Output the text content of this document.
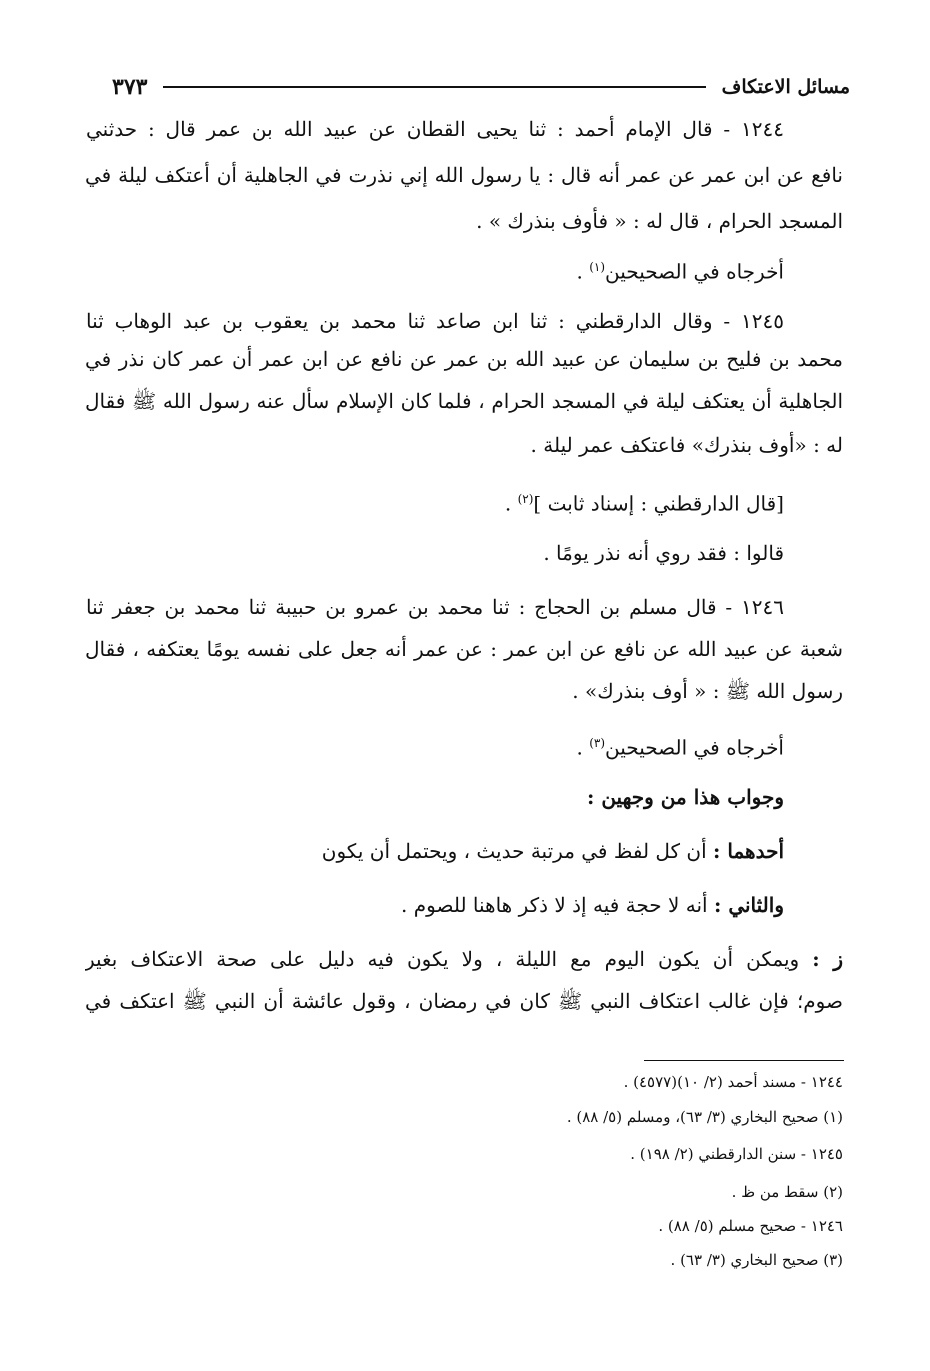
مسائل الاعتكاف
٣٧٣
١٢٤٤ - قال الإمام أحمد : ثنا يحيى القطان عن عبيد الله بن عمر قال : حدثني
نافع عن ابن عمر عن عمر أنه قال : يا رسول الله إني نذرت في الجاهلية أن أعتكف ليلة في
المسجد الحرام ، قال له : « فأوف بنذرك » .
أخرجاه في الصحيحين$^{(١)}$ .
١٢٤٥ - وقال الدارقطني : ثنا ابن صاعد ثنا محمد بن يعقوب بن عبد الوهاب ثنا
محمد بن فليح بن سليمان عن عبيد الله بن عمر عن نافع عن ابن عمر أن عمر كان نذر في
الجاهلية أن يعتكف ليلة في المسجد الحرام ، فلما كان الإسلام سأل عنه رسول الله ﷺ فقال
له : «أوف بنذرك» فاعتكف عمر ليلة .
[قال الدارقطني : إسناد ثابت ]$^{(٢)}$ .
قالوا : فقد روي أنه نذر يومًا .
١٢٤٦ - قال مسلم بن الحجاج : ثنا محمد بن عمرو بن حبيبة ثنا محمد بن جعفر ثنا
شعبة عن عبيد الله عن نافع عن ابن عمر : عن عمر أنه جعل على نفسه يومًا يعتكفه ، فقال
رسول الله ﷺ : « أوف بنذرك» .
أخرجاه في الصحيحين$^{(٣)}$ .
وجواب هذا من وجهين :
أحدهما : أن كل لفظ في مرتبة حديث ، ويحتمل أن يكون
والثاني : أنه لا حجة فيه إذ لا ذكر هاهنا للصوم .
ز : ويمكن أن يكون اليوم مع الليلة ، ولا يكون فيه دليل على صحة الاعتكاف بغير
صوم؛ فإن غالب اعتكاف النبي ﷺ كان في رمضان ، وقول عائشة أن النبي ﷺ اعتكف في
١٢٤٤ - مسند أحمد (٢/ ١٠)(٤٥٧٧) .
(١) صحيح البخاري (٣/ ٦٣)، ومسلم (٥/ ٨٨) .
١٢٤٥ - سنن الدارقطني (٢/ ١٩٨) .
(٢) سقط من ظ .
١٢٤٦ - صحيح مسلم (٥/ ٨٨) .
(٣) صحيح البخاري (٣/ ٦٣) .
